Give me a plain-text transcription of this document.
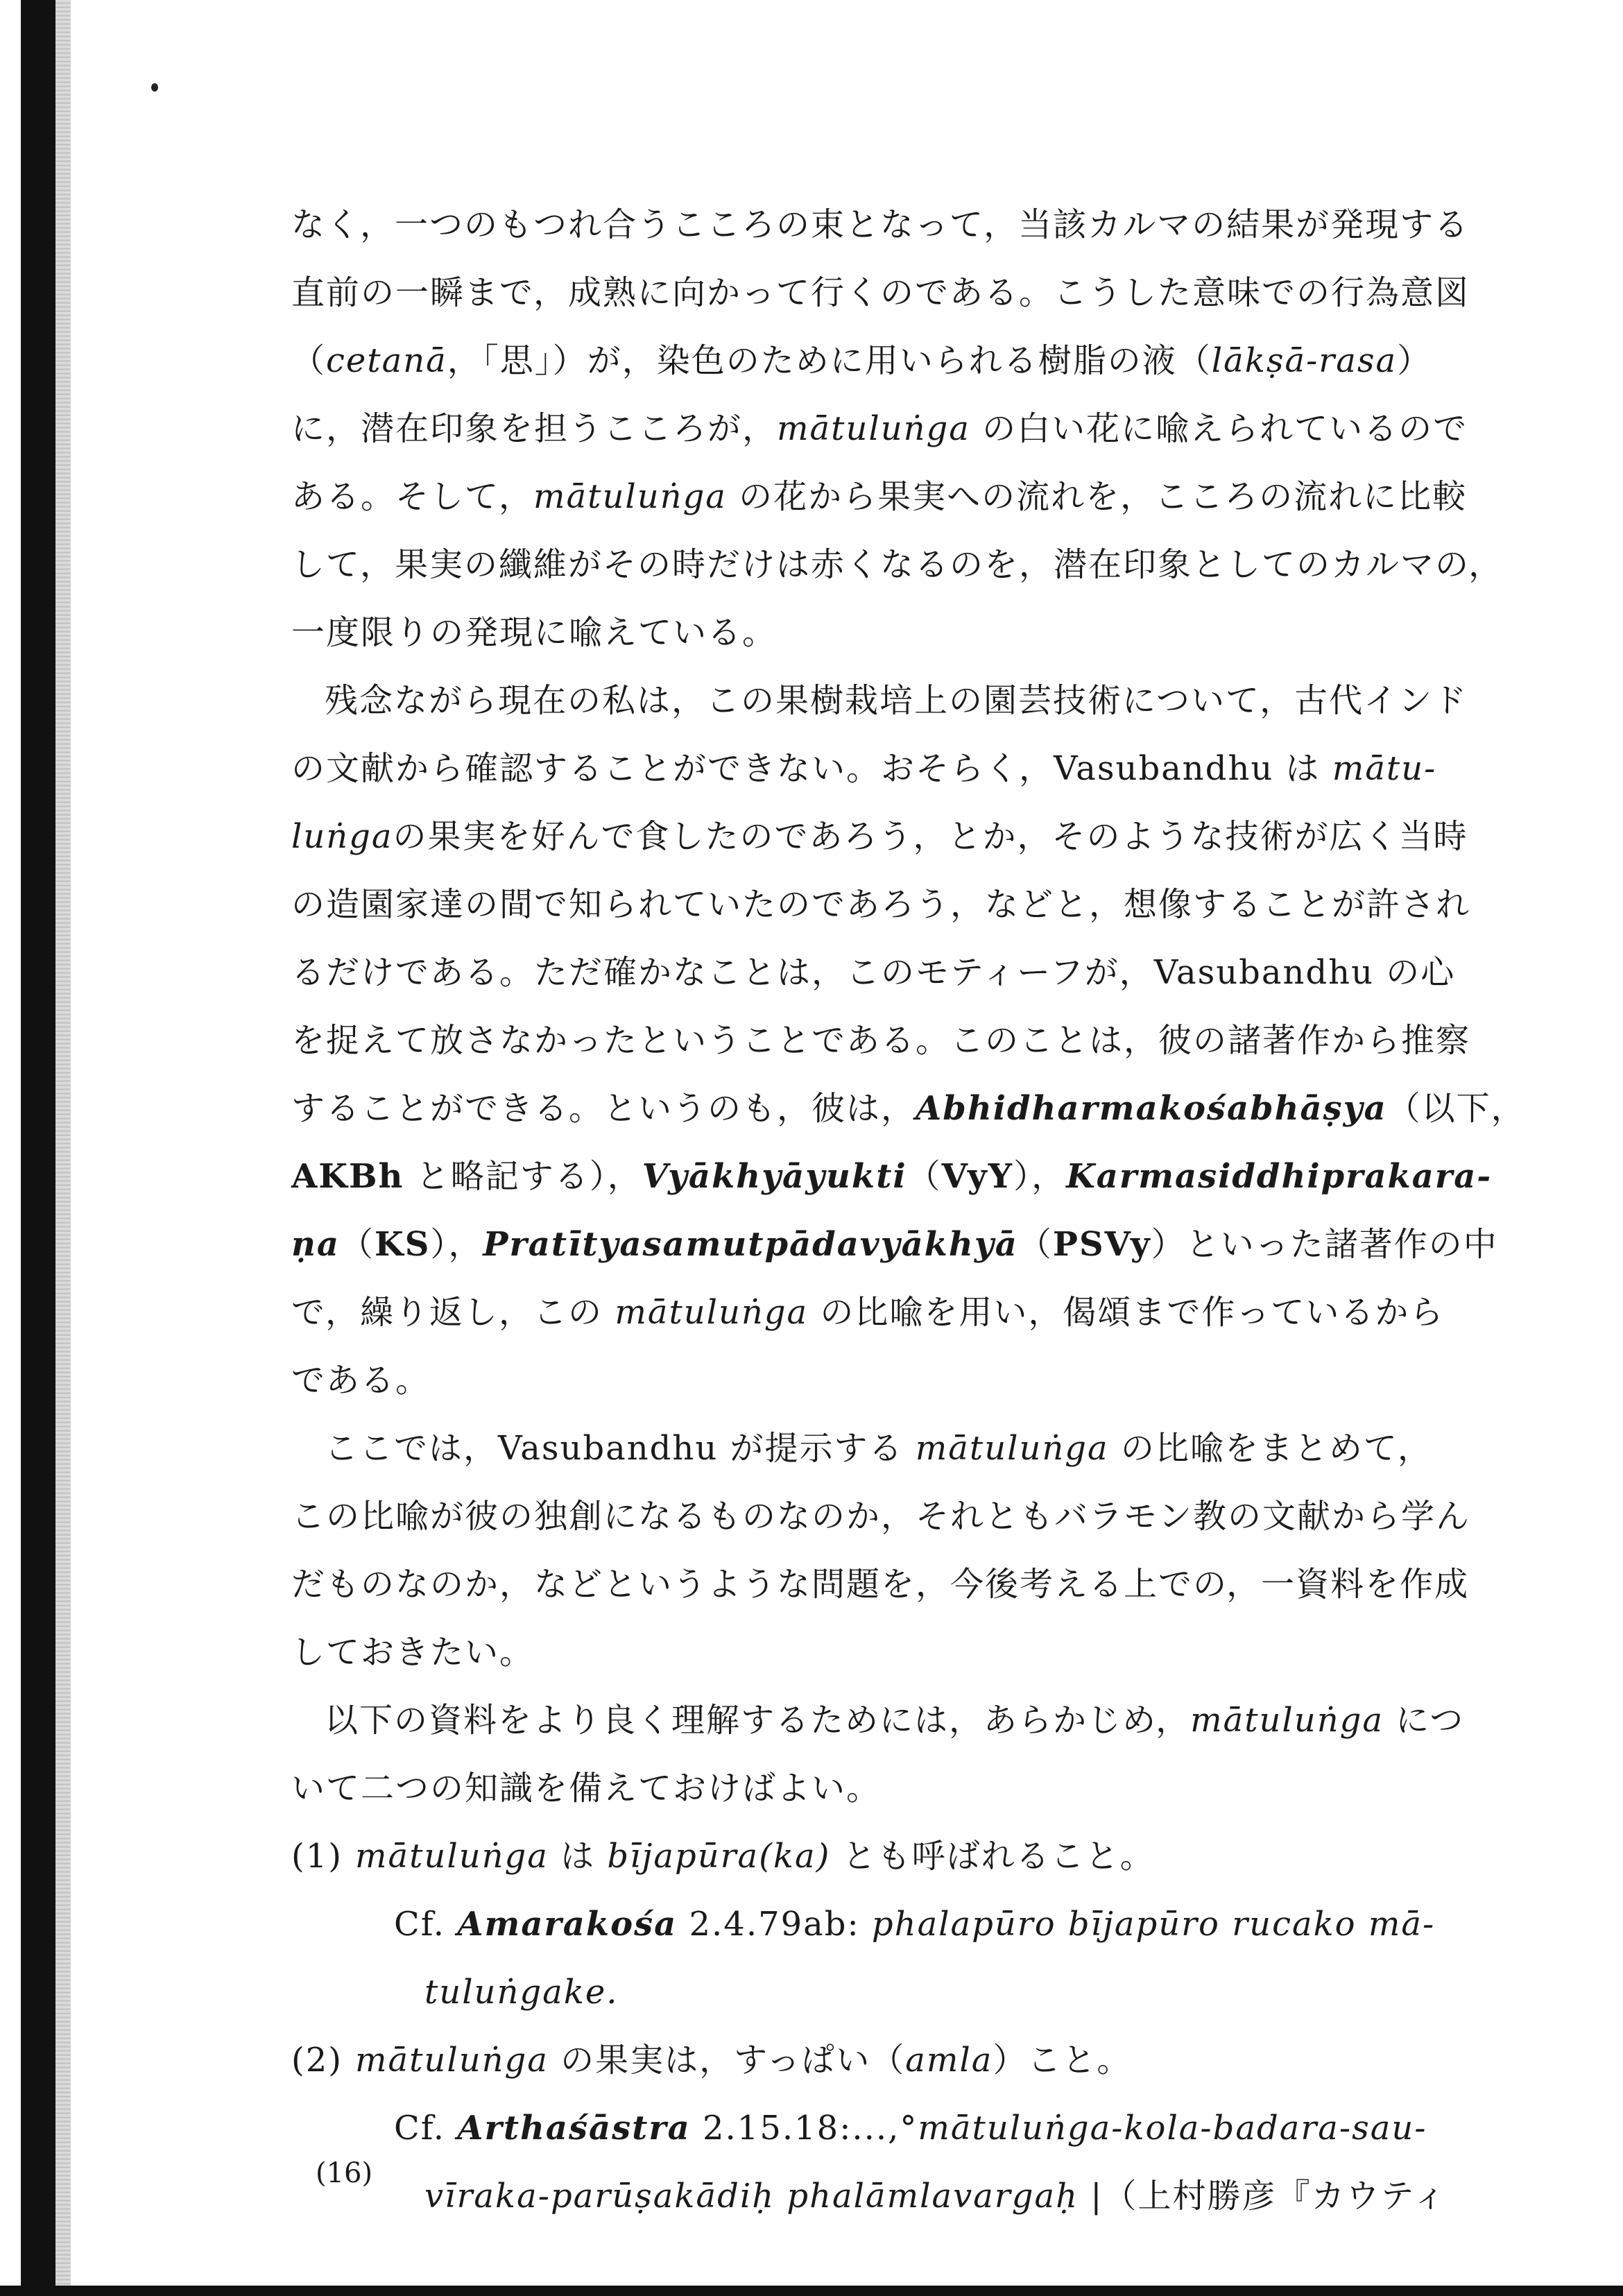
なく，一つのもつれ合うこころの束となって，当該カルマの結果が発現する
直前の一瞬まで，成熟に向かって行くのである。こうした意味での行為意図
（cetanā，「思」）が，染色のために用いられる樹脂の液（lākṣā-rasa）
に，潜在印象を担うこころが，mātuluṅga の白い花に喩えられているので
ある。そして，mātuluṅga の花から果実への流れを，こころの流れに比較
して，果実の纖維がその時だけは赤くなるのを，潜在印象としてのカルマの，
一度限りの発現に喩えている。
残念ながら現在の私は，この果樹栽培上の園芸技術について，古代インド
の文献から確認することができない。おそらく，Vasubandhu は mātu-
luṅgaの果実を好んで食したのであろう，とか，そのような技術が広く当時
の造園家達の間で知られていたのであろう，などと，想像することが許され
るだけである。ただ確かなことは，このモティーフが，Vasubandhu の心
を捉えて放さなかったということである。このことは，彼の諸著作から推察
することができる。というのも，彼は，Abhidharmakośabhāṣya（以下，
AKBh と略記する），Vyākhyāyukti（VyY），Karmasiddhiprakara-
ṇa（KS），Pratītyasamutpādavyākhyā（PSVy）といった諸著作の中
で，繰り返し，この mātuluṅga の比喩を用い，偈頌まで作っているから
である。
ここでは，Vasubandhu が提示する mātuluṅga の比喩をまとめて，
この比喩が彼の独創になるものなのか，それともバラモン教の文献から学ん
だものなのか，などというような問題を，今後考える上での，一資料を作成
しておきたい。
以下の資料をより良く理解するためには，あらかじめ，mātuluṅga につ
いて二つの知識を備えておけばよい。
(1) mātuluṅga は bījapūra(ka) とも呼ばれること。
Cf. Amarakośa 2.4.79ab: phalapūro bījapūro rucako mā-
tuluṅgake.
(2) mātuluṅga の果実は，すっぱい（amla）こと。
Cf. Arthaśāstra 2.15.18:...,°mātuluṅga-kola-badara-sau-
vīraka-parūṣakādiḥ phalāmlavargaḥ |（上村勝彦『カウティ
(16)
